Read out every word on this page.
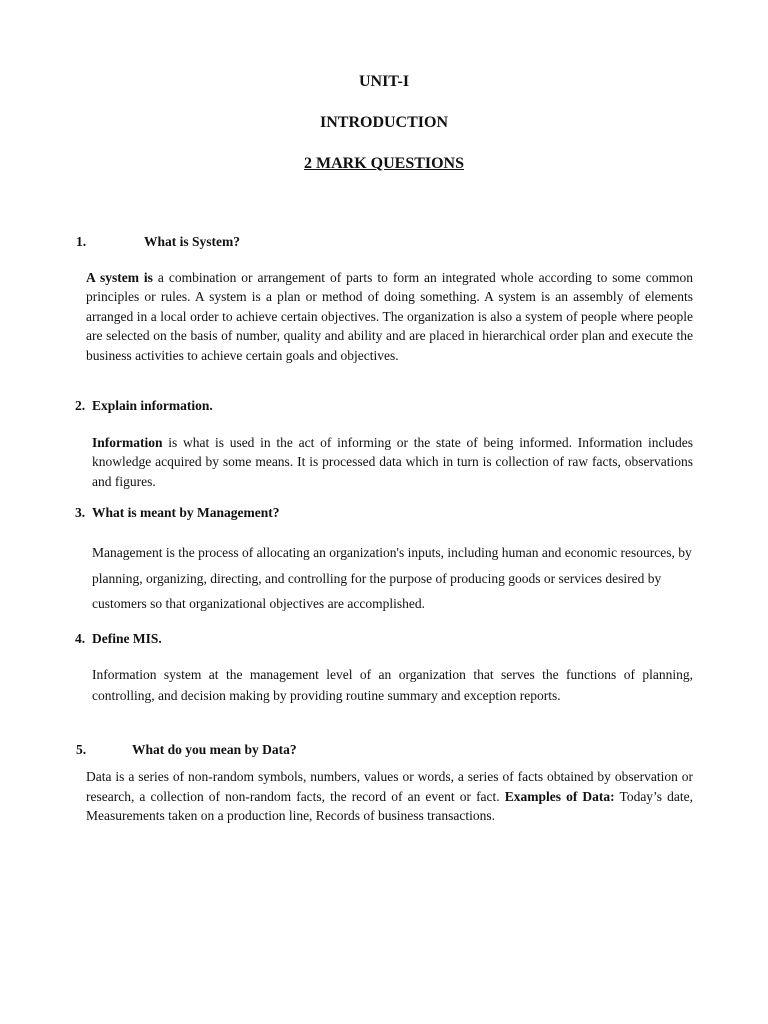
UNIT-I
INTRODUCTION
2 MARK QUESTIONS
1.	What is System?
A system is a combination or arrangement of parts to form an integrated whole according to some common principles or rules. A system is a plan or method of doing something. A system is an assembly of elements arranged in a local order to achieve certain objectives. The organization is also a system of people where people are selected on the basis of number, quality and ability and are placed in hierarchical order plan and execute the business activities to achieve certain goals and objectives.
2. Explain information.
Information is what is used in the act of informing or the state of being informed. Information includes knowledge acquired by some means. It is processed data which in turn is collection of raw facts, observations and figures.
3. What is meant by Management?
Management is the process of allocating an organization's inputs, including human and economic resources, by planning, organizing, directing, and controlling for the purpose of producing goods or services desired by customers so that organizational objectives are accomplished.
4. Define MIS.
Information system at the management level of an organization that serves the functions of planning, controlling, and decision making by providing routine summary and exception reports.
5.	What do you mean by Data?
Data is a series of non-random symbols, numbers, values or words, a series of facts obtained by observation or research, a collection of non-random facts, the record of an event or fact. Examples of Data: Today’s date, Measurements taken on a production line, Records of business transactions.
